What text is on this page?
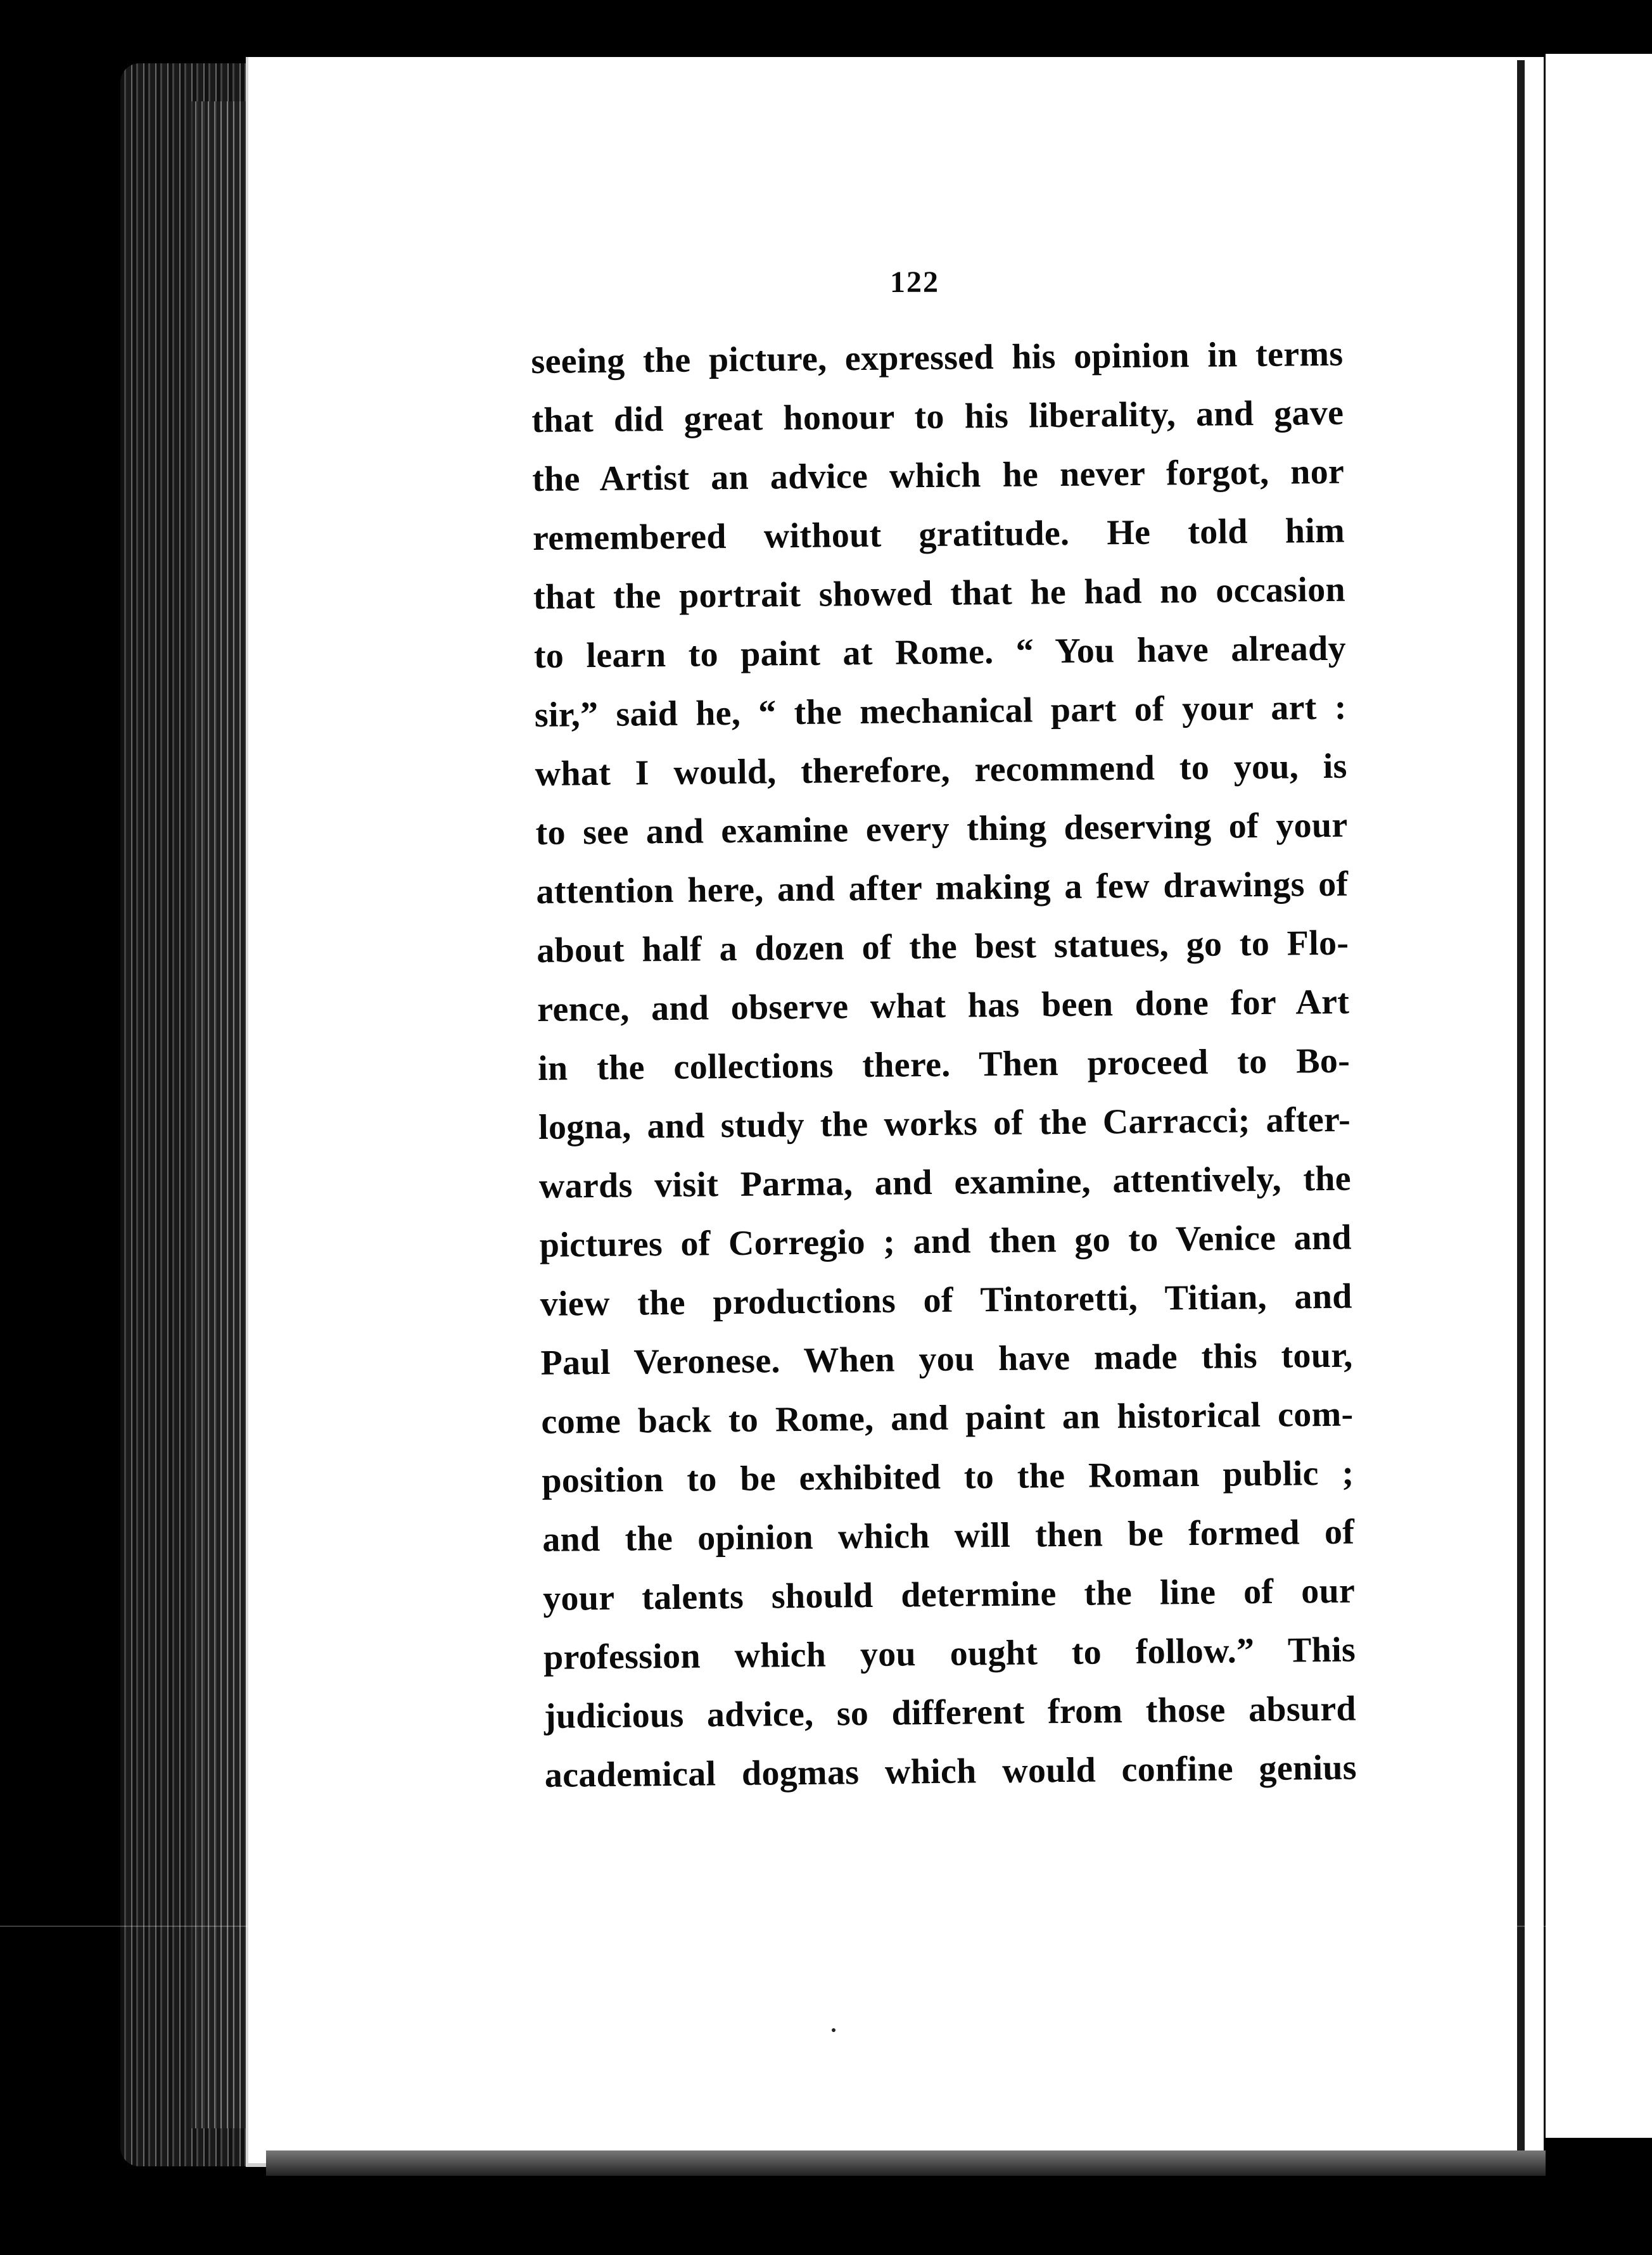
122
seeing the picture, expressed his opinion in terms
that did great honour to his liberality, and gave
the Artist an advice which he never forgot, nor
remembered without gratitude. He told him
that the portrait showed that he had no occasion
to learn to paint at Rome. “ You have already
sir,” said he, “ the mechanical part of your art :
what I would, therefore, recommend to you, is
to see and examine every thing deserving of your
attention here, and after making a few drawings of
about half a dozen of the best statues, go to Flo-
rence, and observe what has been done for Art
in the collections there. Then proceed to Bo-
logna, and study the works of the Carracci; after-
wards visit Parma, and examine, attentively, the
pictures of Corregio ; and then go to Venice and
view the productions of Tintoretti, Titian, and
Paul Veronese. When you have made this tour,
come back to Rome, and paint an historical com-
position to be exhibited to the Roman public ;
and the opinion which will then be formed of
your talents should determine the line of our
profession which you ought to follow.” This
judicious advice, so different from those absurd
academical dogmas which would confine genius
